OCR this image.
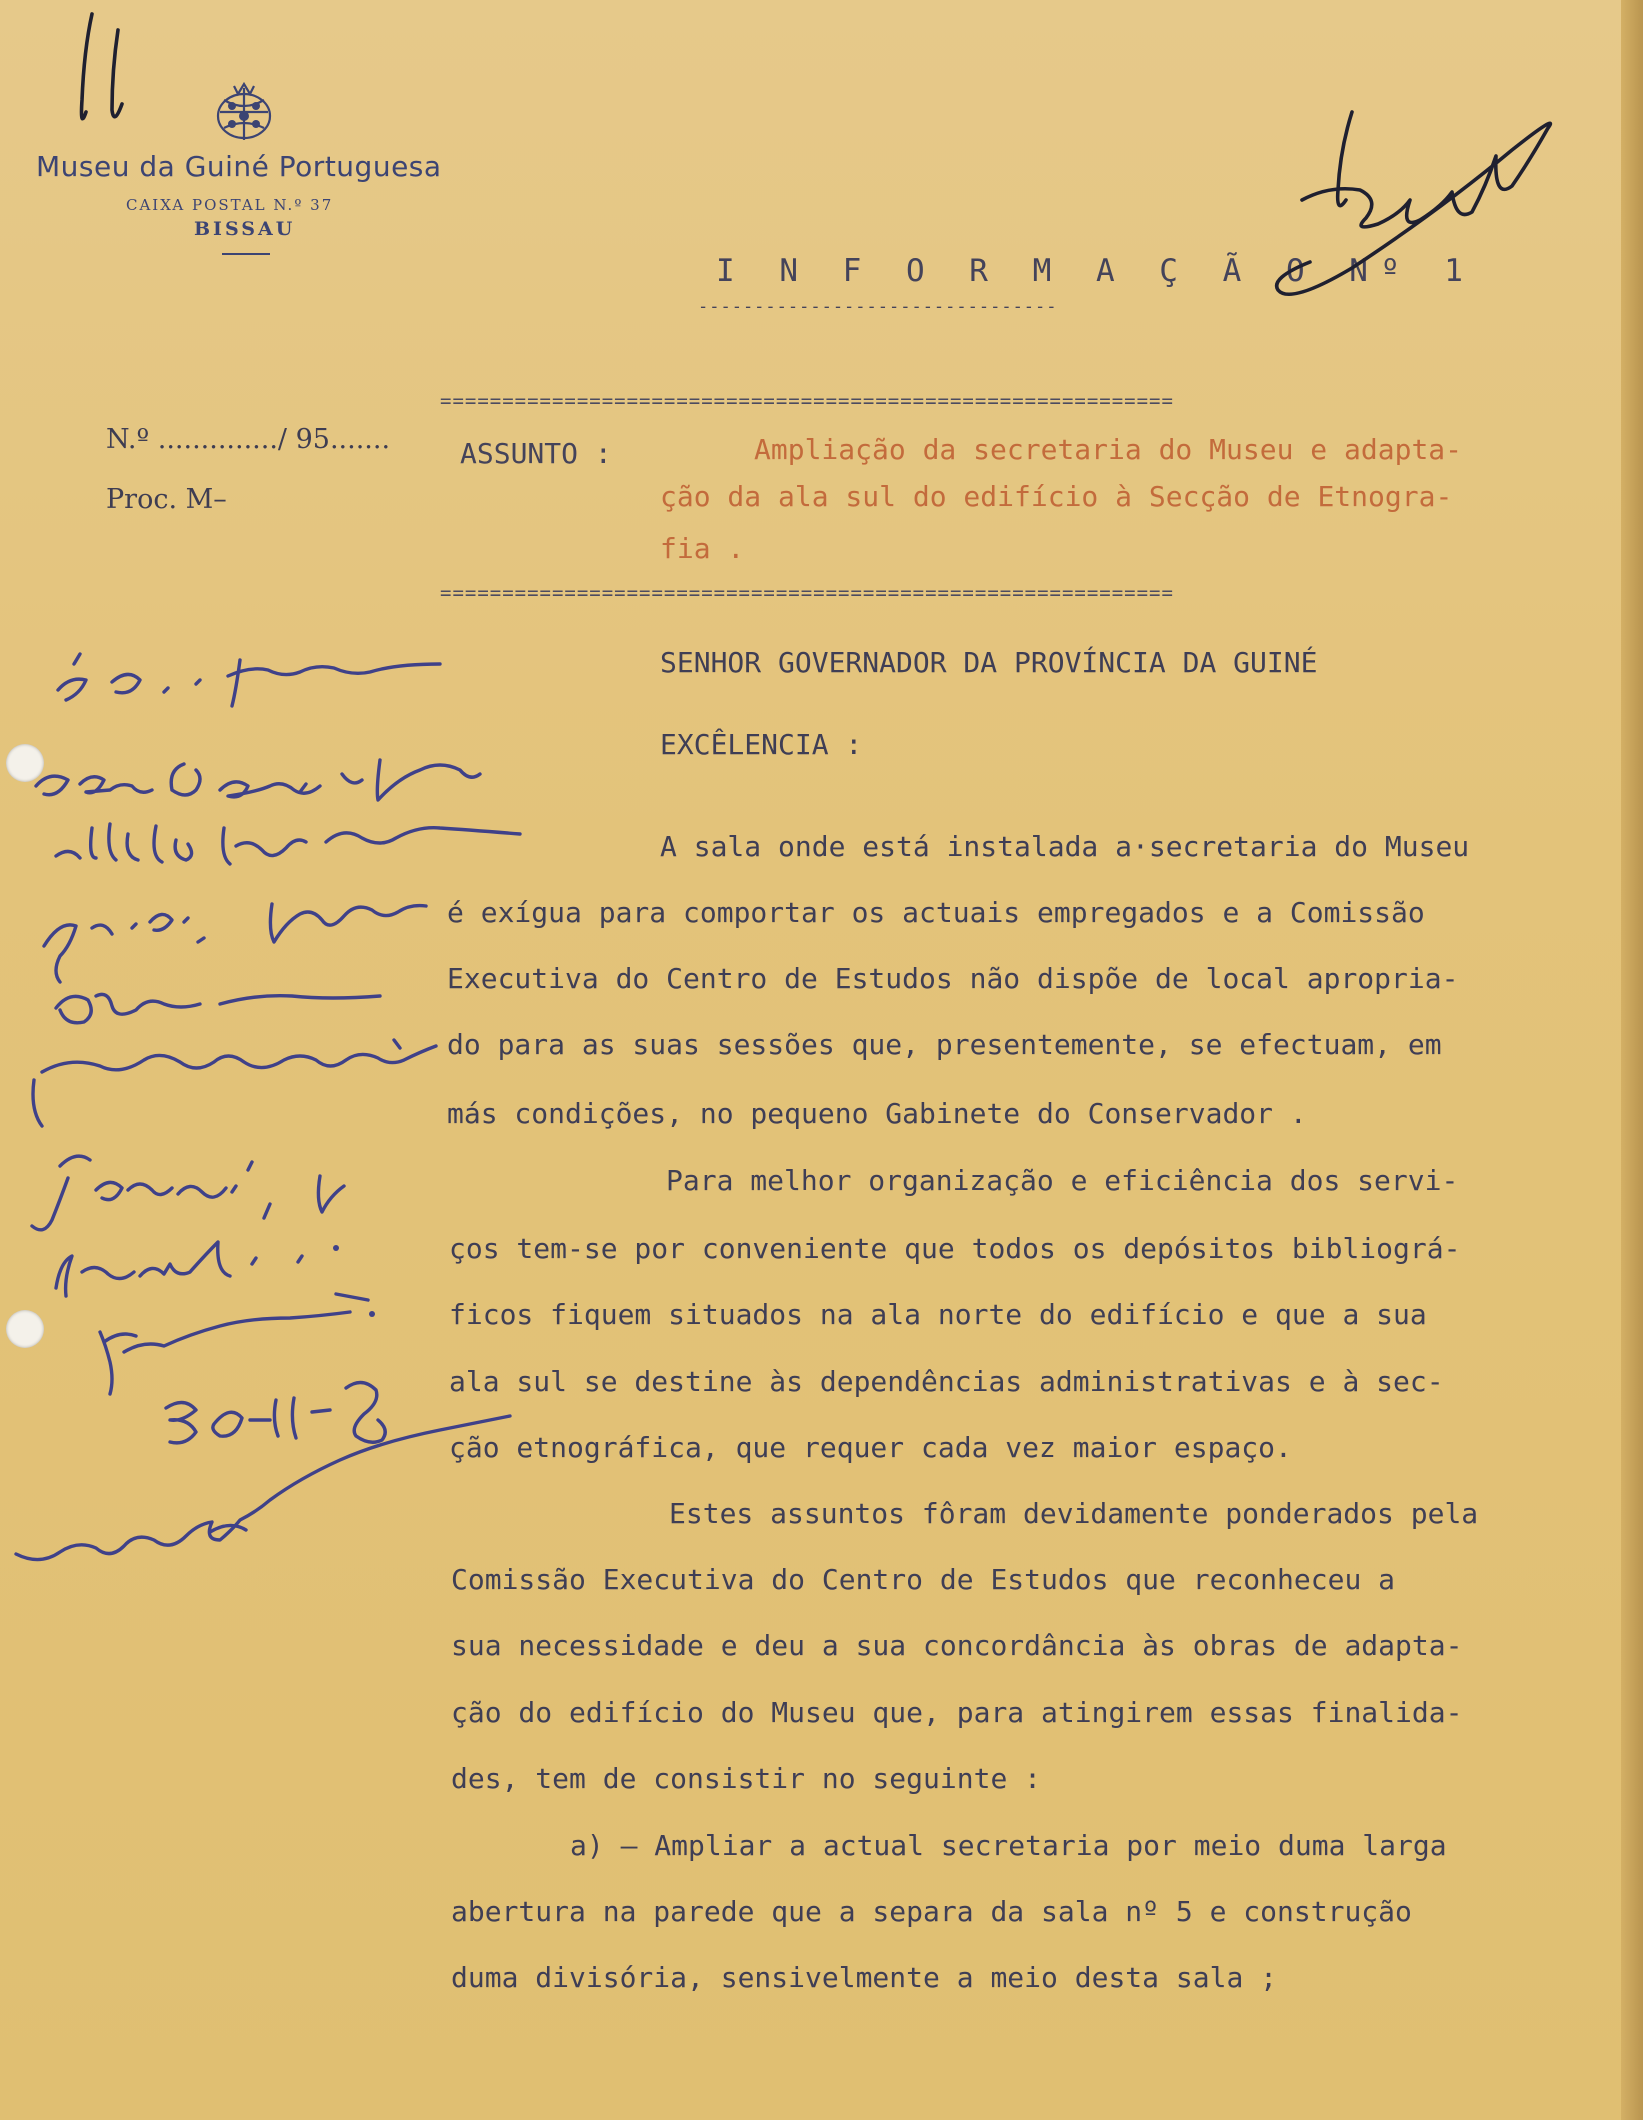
Museu da Guiné Portuguesa
CAIXA POSTAL N.º 37
BISSAU
I N F O R M A Ç Ã O Nº 1
--------------------------------
N.º ............../ 95.......
Proc. M–
===========================================================
ASSUNTO :	Ampliação da secretaria do Museu e adapta-
ção da ala sul do edifício à Secção de Etnogra-
fia .
===========================================================
SENHOR GOVERNADOR DA PROVÍNCIA DA GUINÉ
EXCÊLENCIA :
A sala onde está instalada a·secretaria do Museu
é exígua para comportar os actuais empregados e a Comissão
Executiva do Centro de Estudos não dispõe de local apropria-
do para as suas sessões que, presentemente, se efectuam, em
más condições, no pequeno Gabinete do Conservador .
Para melhor organização e eficiência dos servi-
ços tem-se por conveniente que todos os depósitos bibliográ-
ficos fiquem situados na ala norte do edifício e que a sua
ala sul se destine às dependências administrativas e à sec-
ção etnográfica, que requer cada vez maior espaço.
Estes assuntos fôram devidamente ponderados pela
Comissão Executiva do Centro de Estudos que reconheceu a
sua necessidade e deu a sua concordância às obras de adapta-
ção do edifício do Museu que, para atingirem essas finalida-
des, tem de consistir no seguinte :
a) – Ampliar a actual secretaria por meio duma larga
abertura na parede que a separa da sala nº 5 e construção
duma divisória, sensivelmente a meio desta sala ;
